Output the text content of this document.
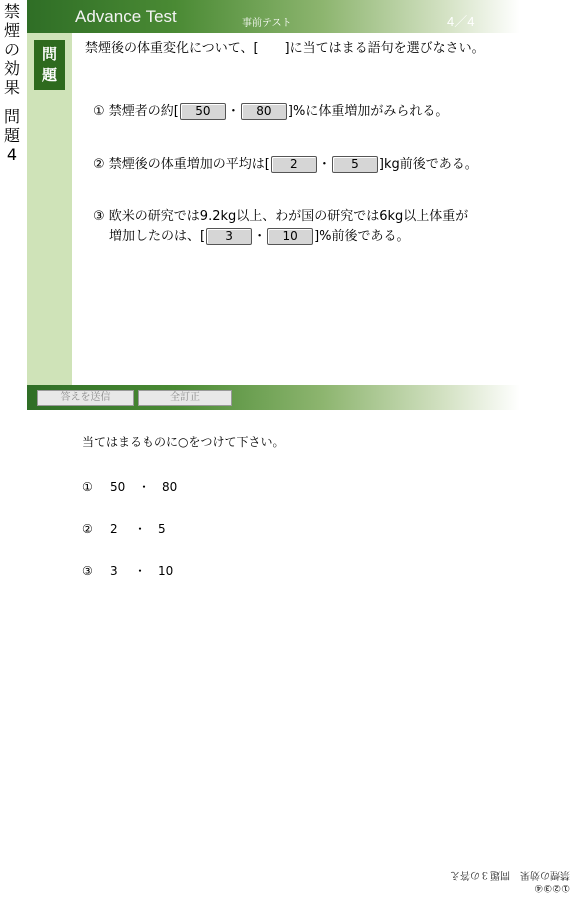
禁
煙
の
効
果
問
題
4
Advance Test	事前テスト	4／4
問
題
禁煙後の体重変化について、[　　]に当てはまる語句を選びなさい。
① 禁煙者の約[ 50 ・ 80 ]%に体重増加がみられる。
② 禁煙後の体重増加の平均は[ 2 ・ 5 ]kg前後である。
③ 欧米の研究では9.2kg以上、わが国の研究では6kg以上体重が
増加したのは、[ 3 ・ 10 ]%前後である。
答えを送信	全訂正
当てはまるものに○をつけて下さい。
① 50 ・ 80
② 2 ・ 5
③ 3 ・ 10
①②③④
禁煙の効果　問題３の答え
